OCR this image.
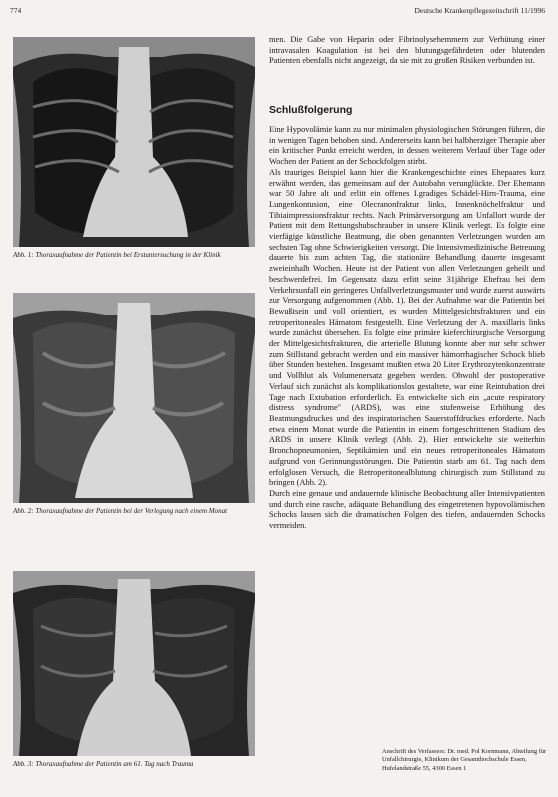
774	Deutsche Krankenpflegezeitschrift 11/1996
Abb. 1: Thoraxaufnahme der Patientin bei Erstuntersuchung in der Klinik
Abb. 2: Thoraxaufnahme der Patientin bei der Verlegung nach einem Monat
Abb. 3: Thoraxaufnahme der Patientin am 61. Tag nach Trauma

men. Die Gabe von Heparin oder Fibrinolysehemmern zur Verhütung einer intravasalen Koagulation ist bei den blutungsgefährdeten oder blutenden Patienten ebenfalls nicht angezeigt, da sie mit zu großen Risiken verbunden ist.

Schlußfolgerung

Eine Hypovolämie kann zu nur minimalen physiologischen Störungen führen, die in wenigen Tagen behoben sind. Andererseits kann bei halbherziger Therapie aber ein kritischer Punkt erreicht werden, in dessen weiterem Verlauf über Tage oder Wochen der Patient an der Schockfolgen stirbt.

Als trauriges Beispiel kann hier die Krankengeschichte eines Ehepaares kurz erwähnt werden, das gemeinsam auf der Autobahn verunglückte. Der Ehemann war 50 Jahre alt und erlitt ein offenes I.gradiges Schädel-Hirn-Trauma, eine Lungenkontusion, eine Olecranonfraktur links, Innenknöchelfraktur und Tibiaimpressionsfraktur rechts. Nach Primärversorgung am Unfallort wurde der Patient mit dem Rettungshubschrauber in unsere Klinik verlegt. Es folgte eine vierfägige künstliche Beatmung, die oben genannten Verletzungen wurden am sechsten Tag ohne Schwierigkeiten versorgt. Die Intensivmedizinische Betreuung dauerte bis zum achten Tag, die stationäre Behandlung dauerte insgesamt zweieinhalb Wochen. Heute ist der Patient von allen Verletzungen geheilt und beschwerdefrei. Im Gegensatz dazu erlitt seine 31jährige Ehefrau bei dem Verkehrsunfall ein geringeres Unfallverletzungsmuster und wurde zuerst auswärts zur Versorgung aufgenommen (Abb. 1). Bei der Aufnahme war die Patientin bei Bewußtsein und voll orientiert, es wurden Mittelgesichtsfrakturen und ein retroperitoneales Hämatom festgestellt. Eine Verletzung der A. maxillaris links wurde zunächst übersehen. Es folgte eine primäre kieferchirurgische Versorgung der Mittelgesichtsfrakturen, die arterielle Blutung konnte aber nur sehr schwer zum Stillstand gebracht werden und ein massiver hämorrhagischer Schock blieb über Stunden bestehen. Insgesamt mußten etwa 20 Liter Erythrozytenkonzentrate und Vollblut als Volumenersatz gegeben werden. Obwohl der postoperative Verlauf sich zunächst als komplikationslos gestaltete, war eine Reintubation drei Tage nach Extubation erforderlich. Es entwickelte sich ein „acute respiratory distress syndrome" (ARDS), was eine stufenweise Erhöhung des Beatmungsdruckes und des inspiratorischen Sauerstoffdruckes erforderte. Nach etwa einem Monat wurde die Patientin in einem fortgeschrittenen Stadium des ARDS in unsere Klinik verlegt (Abb. 2). Hier entwickelte sie weiterhin Bronchopneumonien, Septikämien und ein neues retroperitoneales Hämatom aufgrund von Gerinnungsstörungen. Die Patientin starb am 61. Tag nach dem erfolglosen Versuch, die Retroperitonealblutung chirurgisch zum Stillstand zu bringen (Abb. 2).

Durch eine genaue und andauernde klinische Beobachtung aller Intensivpatienten und durch eine rasche, adäquate Behandlung des eingetretenen hypovolämischen Schocks lassen sich die dramatischen Folgen des tiefen, andauernden Schocks vermeiden.

Anschrift des Verfassers: Dr. med. Pol Kornmann, Abteilung für Unfallchirurgie, Klinikum der Gesamthochschule Essen, Hufelandstraße 55, 4300 Essen 1
